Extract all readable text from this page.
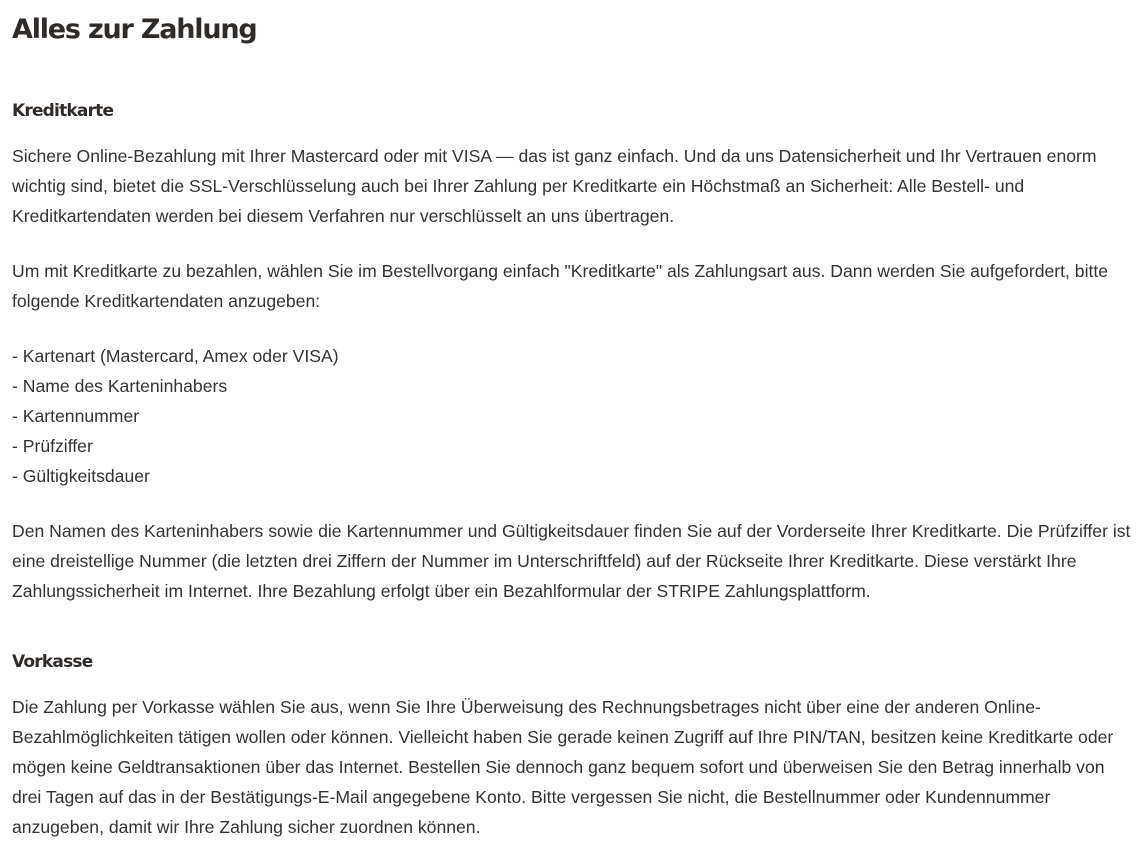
Alles zur Zahlung
Kreditkarte

Sichere Online-Bezahlung mit Ihrer Mastercard oder mit VISA — das ist ganz einfach. Und da uns Datensicherheit und Ihr Vertrauen enorm wichtig sind, bietet die SSL-Verschlüsselung auch bei Ihrer Zahlung per Kreditkarte ein Höchstmaß an Sicherheit: Alle Bestell- und Kreditkartendaten werden bei diesem Verfahren nur verschlüsselt an uns übertragen.

Um mit Kreditkarte zu bezahlen, wählen Sie im Bestellvorgang einfach "Kreditkarte" als Zahlungsart aus. Dann werden Sie aufgefordert, bitte folgende Kreditkartendaten anzugeben:

- Kartenart (Mastercard, Amex oder VISA)
- Name des Karteninhabers
- Kartennummer
- Prüfziffer
- Gültigkeitsdauer

Den Namen des Karteninhabers sowie die Kartennummer und Gültigkeitsdauer finden Sie auf der Vorderseite Ihrer Kreditkarte. Die Prüfziffer ist eine dreistellige Nummer (die letzten drei Ziffern der Nummer im Unterschriftfeld) auf der Rückseite Ihrer Kreditkarte. Diese verstärkt Ihre Zahlungssicherheit im Internet. Ihre Bezahlung erfolgt über ein Bezahlformular der STRIPE Zahlungsplattform.

Vorkasse

Die Zahlung per Vorkasse wählen Sie aus, wenn Sie Ihre Überweisung des Rechnungsbetrages nicht über eine der anderen Online-Bezahlmöglichkeiten tätigen wollen oder können. Vielleicht haben Sie gerade keinen Zugriff auf Ihre PIN/TAN, besitzen keine Kreditkarte oder mögen keine Geldtransaktionen über das Internet. Bestellen Sie dennoch ganz bequem sofort und überweisen Sie den Betrag innerhalb von drei Tagen auf das in der Bestätigungs-E-Mail angegebene Konto. Bitte vergessen Sie nicht, die Bestellnummer oder Kundennummer anzugeben, damit wir Ihre Zahlung sicher zuordnen können.
